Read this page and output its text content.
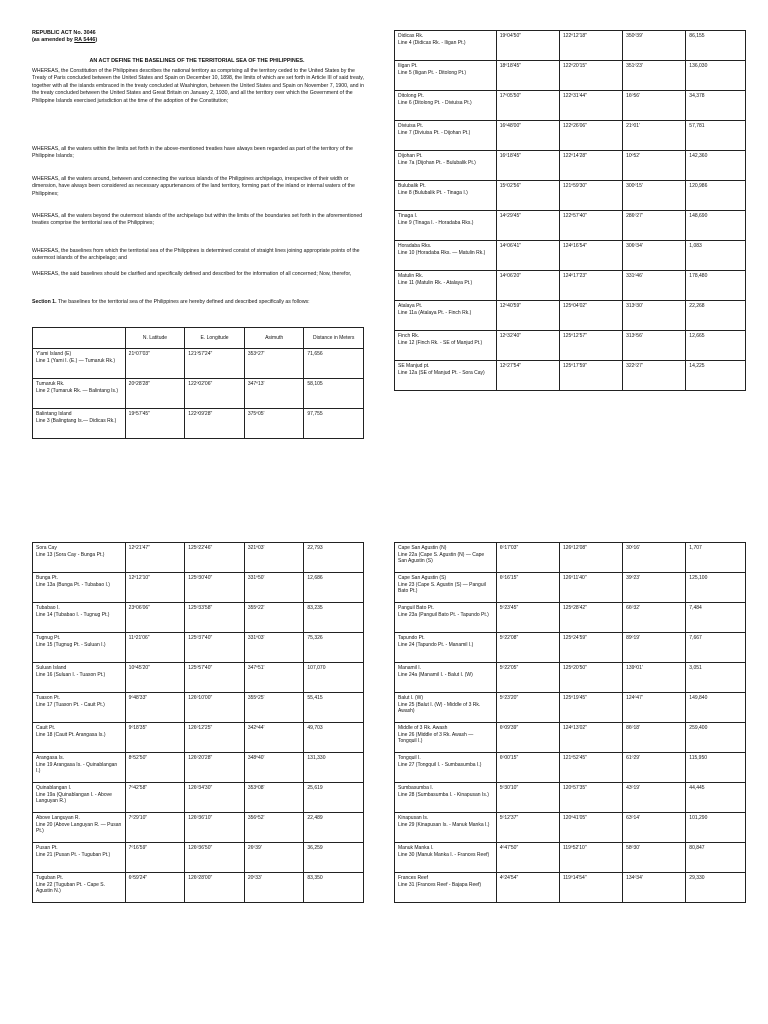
REPUBLIC ACT No. 3046
(as amended by RA 5446)
AN ACT DEFINE THE BASELINES OF THE TERRITORIAL SEA OF THE PHILIPPINES.

WHEREAS, the Constitution of the Philippines describes the national territory as comprising all the territory ceded to the United States by the Treaty of Paris concluded between the United States and Spain on December 10, 1898, the limits of which are set forth in Article III of said treaty, together with all the islands embraced in the treaty concluded at Washington, between the United States and Spain on November 7, 1900, and in the treaty concluded between the United States and Great Britain on January 2, 1930, and all the territory over which the Government of the Philippine Islands exercised jurisdiction at the time of the adoption of the Constitution;

WHEREAS, all the waters within the limits set forth in the above-mentioned treaties have always been regarded as part of the territory of the Philippine Islands;

WHEREAS, all the waters around, between and connecting the various islands of the Philippines archipelago, irrespective of their width or dimension, have always been considered as necessary appurtenances of the land territory, forming part of the inland or internal waters of the Philippines;

WHEREAS, all the waters beyond the outermost islands of the archipelago but within the limits of the boundaries set forth in the aforementioned treaties comprise the territorial sea of the Philippines;

WHEREAS, the baselines from which the territorial sea of the Philippines is determined consist of straight lines joining appropriate points of the outermost islands of the archipelago; and

WHEREAS, the said baselines should be clarified and specifically defined and described for the information of all concerned; Now, therefor,

Section 1. The baselines for the territorial sea of the Philippines are hereby defined and described specifically as follows:

	N. Latitude	E. Longitude	Asimuth	Distance in Meters
Y'ami Island (E)
Line 1 (Yami I. (E.) — Tumaruk Rk.)	21º07'03"	121º57'24"	353º27'	71,656
Tumaruk Rk.
Line 2 (Tumaruk Rk. — Balintang Is.)	20º28'28"	122º02'06"	347º13'	58,105
Balintang Island
Line 3 (Balingtang Is.— Didicas Rk.)	19º57'45"	122º09'28"	375º05'	97,755
Didicas Rk.
Line 4 (Didicas Rk. - Iligan Pt.)	19º04'50"	122º12'18"	350º39'	86,155
Iligan Pt.
Line 5 (Iligan Pt. - Ditolong Pt.)	18º18'45"	122º20'15"	351º23'	136,030
Ditolong Pt.
Line 6 (Ditolong Pt. - Diviuisa Pt.)	17º05'50"	122º31'44"	16º56'	34,378
Diviuisa Pt.
Line 7 (Diviuisa Pt. - Dijohan Pt.)	16º48'00"	122º26'06"	21º01'	57,781
Dijohan Pt.
Line 7a (Dijohan Pt. - Bulubalik Pt.)	16º18'45"	122º14'28"	10º52'	142,360
Bulubalik Pt.
Line 8 (Bulubalik Pt. - Tinaga I.)	15º02'56"	121º59'30"	300º15'	120,986
Tinaga I.
Line 9 (Tinaga I. - Horadaba Rks.)	14º29'45"	122º57'40"	286º27'	148,690
Horadaba Rks.
Line 10 (Horadaba Rks. — Matulin Rk.)	14º06'41"	124º16'54"	306º34'	1,083
Matulin Rk.
Line 11 (Matulin Rk. - Atalaya Pt.)	14º06'20"	124º17'23"	331º46'	178,480
Atalaya Pt.
Line 11a (Atalaya Pt. - Finch Rk.)	12º40'59"	125º04'02"	313º30'	22,268
Finch Rk.
Line 12 (Finch Rk. - SE of Manjud Pt.)	12º32'40"	125º12'57"	313º56'	12,665
SE Manjud pt.
Line 12a (SE of Manjud Pt. - Sora Cay)	12º27'54"	125º17'59"	322º27'	14,225
Sora Cay
Line 13 (Sora Cay - Bunga Pt.)	12º21'47"	125º22'46"	321º03'	22,793
Bunga Pt.
Line 13a (Bunga Pt. - Tubabao I.)	12º12'10"	125º30'40"	331º50'	12,686
Tubabao I.
Line 14 (Tubabao I. - Tugnug Pt.)	23º06'06"	125º33'58"	355º22'	83,235
Tugnug Pt.
Line 15 (Tugnug Pt. - Suluan I.)	11º21'06"	125º37'40"	331º03'	75,326
Suluan Island
Line 16 (Suluan I. - Tuason Pt.)	10º45'20"	125º57'40"	347º51'	107,070
Tuason Pt.
Line 17 (Tuason Pt. - Cauit Pt.)	9º48'33"	126º10'00"	355º25'	55,415
Cauit Pt.
Line 18 (Cauit Pt. Arangasa Is.)	9º18'35"	126º12'25"	342º44'	49,703
Arangasa Is.
Line 19 Arangasa Is. - Quinablangan I.)	8º52'50"	126º20'28"	348º40'	131,330
Quinablangan I.
Line 19a (Quinablangan I. - Above Languyan R.)	7º42'58"	126º34'30"	353º08'	25,619
Above Languyan R.
Line 20 (Above Languyan R. — Pusan Pt.)	7º29'10"	126º36'10"	356º52'	22,489
Pusan Pt.
Line 21 (Pusan Pt. - Tuguban Pt.)	7º16'59"	126º36'50"	26º39'	36,259
Tuguban Pt.
Line 22 (Tuguban Pt. - Cape S. Agustin N.)	6º59'24"	126º28'00"	20º33'	83,350
Cape San Agustin (N)
Line 22a (Cape S. Agustin (N) — Cape San Agustin (S)	6º17'03"	126º12'08"	30º16'	1,707
Cape San Agustin (S)
Line 23 (Cape S. Agustin (S) — Panguil Bato Pt.)	6º16'15"	126º11'40"	39º23'	125,100
Panguil Bato Pt.
Line 23a (Panguil Bato Pt. - Tapundo Pt.)	5º23'45"	125º28'42"	66º32'	7,484
Tapundo Pt.
Line 24 (Tapundo Pt. - Manamil I.)	5º22'08"	125º24'59"	89º19'	7,667
Manamil I.
Line 24a (Manamil I. - Balut I. (W)	5º22'05"	125º20'50"	139º01'	3,051
Balut I. (W)
Line 25 (Balut I. (W) - Middle of 3 Rk. Awash)	5º23'20"	125º19'45"	124º47'	149,840
Middle of 3 Rk. Awash
Line 26 (Middle of 3 Rk. Awash — Tongquil I.)	6º09'39"	124º13'02"	86º18'	259,400
Tongquil I.
Line 27 (Tongquil I. - Sumbasumba I.)	6º00'15"	121º52'45"	61º29'	115,950
Sumbasumba I.
Line 28 (Sumbasumba I. - Kinapusan Is.)	5º30'10"	120º57'35"	43º19'	44,445
Kinapusan Is.
Line 29 (Kinapusan Is. - Manuk Manka I.)	5º12'37"	120º41'05"	63º14'	101,290
Manuk Manka I.
Line 30 (Manuk Manka I. - Frances Reef)	4º47'50"	119º52'10"	58º30'	80,847
Frances Reef
Line 31 (Frances Reef - Bajapa Reef)	4º24'54"	119º14'54"	134º34'	29,330
